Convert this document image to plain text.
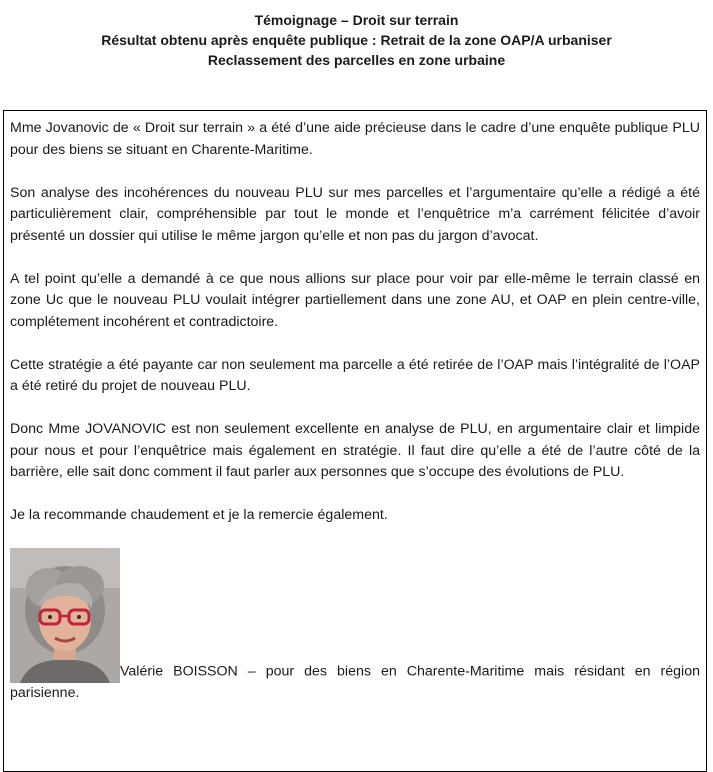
Témoignage – Droit sur terrain
Résultat obtenu après enquête publique : Retrait de la zone OAP/A urbaniser
Reclassement des parcelles en zone urbaine

Mme Jovanovic de « Droit sur terrain » a été d’une aide précieuse dans le cadre d’une enquête publique PLU pour des biens se situant en Charente-Maritime.

Son analyse des incohérences du nouveau PLU sur mes parcelles et l’argumentaire qu’elle a rédigé a été particulièrement clair, compréhensible par tout le monde et l’enquêtrice m’a carrément félicitée d’avoir présenté un dossier qui utilise le même jargon qu’elle et non pas du jargon d’avocat.

A tel point qu’elle a demandé à ce que nous allions sur place pour voir par elle-même le terrain classé en zone Uc que le nouveau PLU voulait intégrer partiellement dans une zone AU, et OAP en plein centre-ville, complétement incohérent et contradictoire.

Cette stratégie a été payante car non seulement ma parcelle a été retirée de l’OAP mais l’intégralité de l’OAP a été retiré du projet de nouveau PLU.

Donc Mme JOVANOVIC est non seulement excellente en analyse de PLU, en argumentaire clair et limpide pour nous et pour l’enquêtrice mais également en stratégie. Il faut dire qu’elle a été de l’autre côté de la barrière, elle sait donc comment il faut parler aux personnes que s’occupe des évolutions de PLU.

Je la recommande chaudement et je la remercie également.

Valérie BOISSON – pour des biens en Charente-Maritime mais résidant en région parisienne.
